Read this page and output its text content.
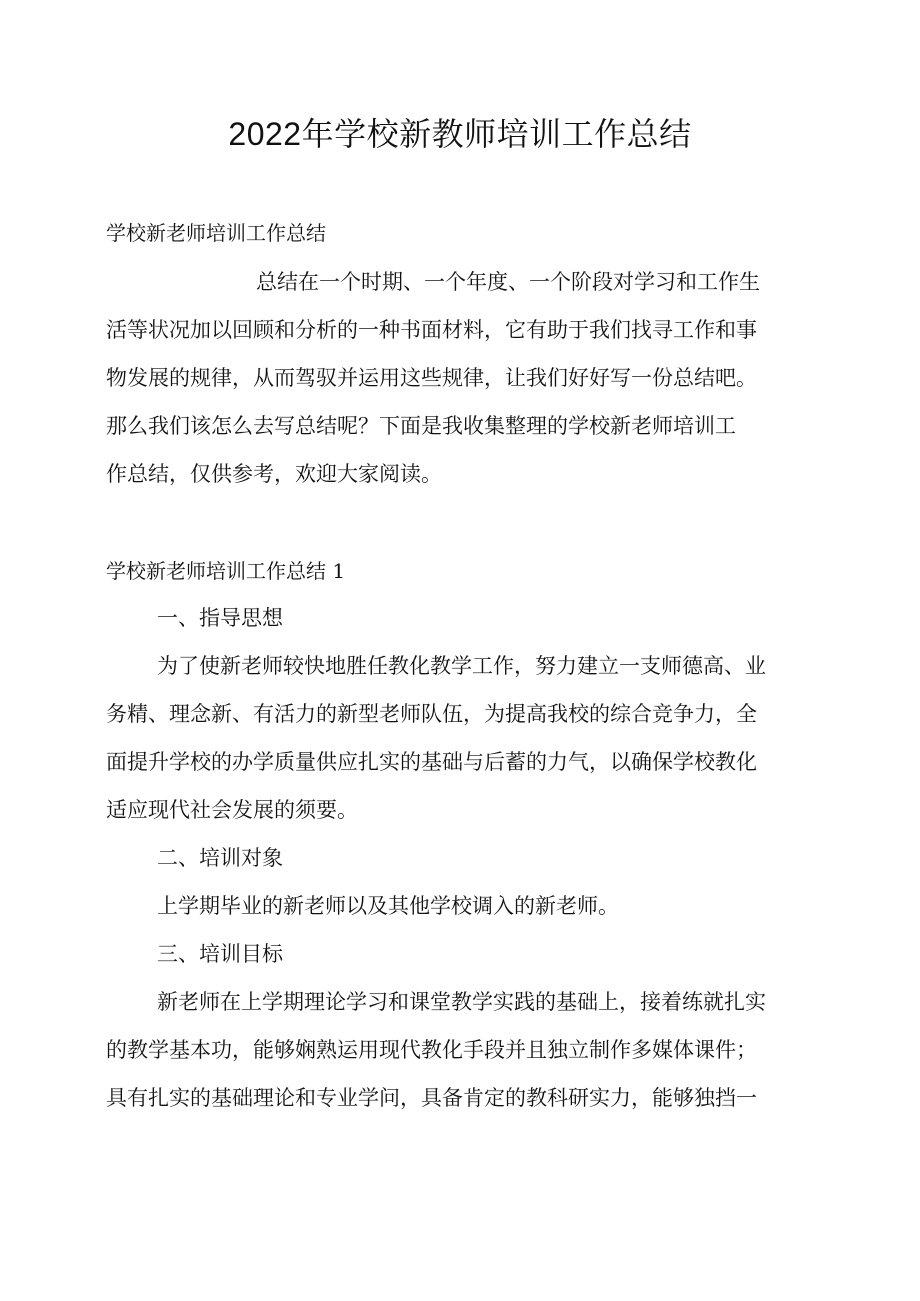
2022年学校新教师培训工作总结

学校新老师培训工作总结

总结在一个时期、一个年度、一个阶段对学习和工作生

活等状况加以回顾和分析的一种书面材料，它有助于我们找寻工作和事

物发展的规律，从而驾驭并运用这些规律，让我们好好写一份总结吧。

那么我们该怎么去写总结呢？下面是我收集整理的学校新老师培训工

作总结，仅供参考，欢迎大家阅读。

学校新老师培训工作总结 1

一、指导思想

为了使新老师较快地胜任教化教学工作，努力建立一支师德高、业

务精、理念新、有活力的新型老师队伍，为提高我校的综合竞争力，全

面提升学校的办学质量供应扎实的基础与后蓄的力气，以确保学校教化

适应现代社会发展的须要。

二、培训对象

上学期毕业的新老师以及其他学校调入的新老师。

三、培训目标

新老师在上学期理论学习和课堂教学实践的基础上，接着练就扎实

的教学基本功，能够娴熟运用现代教化手段并且独立制作多媒体课件；

具有扎实的基础理论和专业学问，具备肯定的教科研实力，能够独挡一
